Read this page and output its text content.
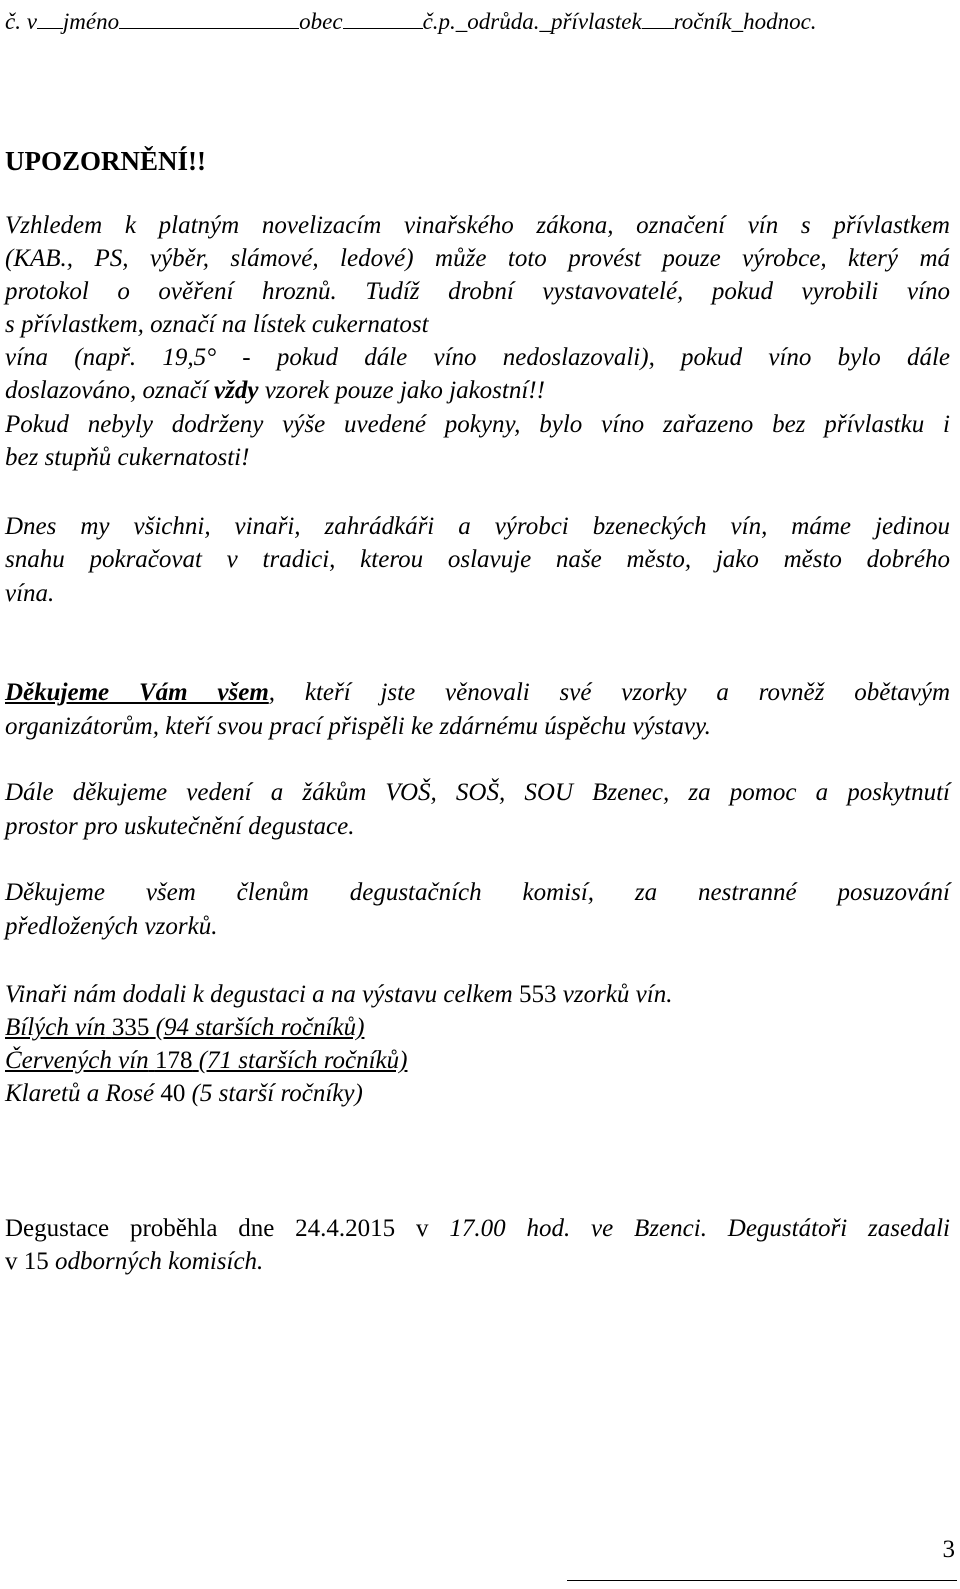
č. v jméno	obec	č.p._odrůda._přívlastek ročník_hodnoc.
UPOZORNĚNÍ!!
Vzhledem k platným novelizacím vinařského zákona, označení vín s přívlastkem
(KAB., PS, výběr, slámové, ledové) může toto provést pouze výrobce, který má
protokol o ověření hroznů. Tudíž drobní vystavovatelé, pokud vyrobili víno
s přívlastkem, označí na lístek cukernatost
vína (např. 19,5° - pokud dále víno nedoslazovali), pokud víno bylo dále
doslazováno, označí vždy vzorek pouze jako jakostní!!
Pokud nebyly dodrženy výše uvedené pokyny, bylo víno zařazeno bez přívlastku i
bez stupňů cukernatosti!
Dnes my všichni, vinaři, zahrádkáři a výrobci bzeneckých vín, máme jedinou
snahu pokračovat v tradici, kterou oslavuje naše město, jako město dobrého
vína.
Děkujeme Vám všem, kteří jste věnovali své vzorky a rovněž obětavým
organizátorům, kteří svou prací přispěli ke zdárnému úspěchu výstavy.
Dále děkujeme vedení a žákům VOŠ, SOŠ, SOU Bzenec, za pomoc a poskytnutí
prostor pro uskutečnění degustace.
Děkujeme všem členům degustačních komisí, za nestranné posuzování
předložených vzorků.
Vinaři nám dodali k degustaci a na výstavu celkem 553 vzorků vín.
Bílých vín 335 (94 starších ročníků)
Červených vín 178 (71 starších ročníků)
Klaretů a Rosé 40 (5 starší ročníky)
Degustace proběhla dne 24.4.2015 v 17.00 hod. ve Bzenci. Degustátoři zasedali
v 15 odborných komisích.
3
